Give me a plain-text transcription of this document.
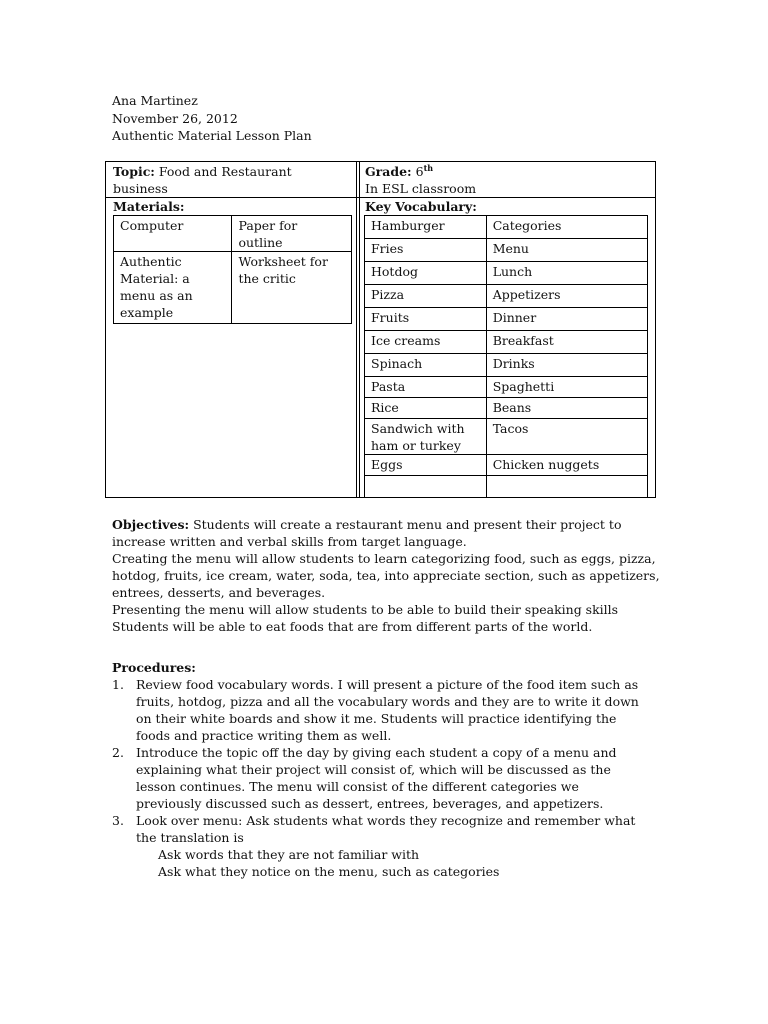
Ana Martinez
November 26, 2012
Authentic Material Lesson Plan
Topic: Food and Restaurant
business
Grade: 6th
In ESL classroom
Materials:
Computer	Paper for outline
Authentic Material: a menu as an example	Worksheet for the critic
Key Vocabulary:
Hamburger	Categories
Fries	Menu
Hotdog	Lunch
Pizza	Appetizers
Fruits	Dinner
Ice creams	Breakfast
Spinach	Drinks
Pasta	Spaghetti
Rice	Beans
Sandwich with ham or turkey	Tacos
Eggs	Chicken nuggets

Objectives: Students will create a restaurant menu and present their project to
increase written and verbal skills from target language.
Creating the menu will allow students to learn categorizing food, such as eggs, pizza,
hotdog, fruits, ice cream, water, soda, tea, into appreciate section, such as appetizers,
entrees, desserts, and beverages.
Presenting the menu will allow students to be able to build their speaking skills
Students will be able to eat foods that are from different parts of the world.
Procedures:
1. Review food vocabulary words. I will present a picture of the food item such as
fruits, hotdog, pizza and all the vocabulary words and they are to write it down
on their white boards and show it me. Students will practice identifying the
foods and practice writing them as well.
2. Introduce the topic off the day by giving each student a copy of a menu and
explaining what their project will consist of, which will be discussed as the
lesson continues. The menu will consist of the different categories we
previously discussed such as dessert, entrees, beverages, and appetizers.
3. Look over menu: Ask students what words they recognize and remember what
the translation is
Ask words that they are not familiar with
Ask what they notice on the menu, such as categories
